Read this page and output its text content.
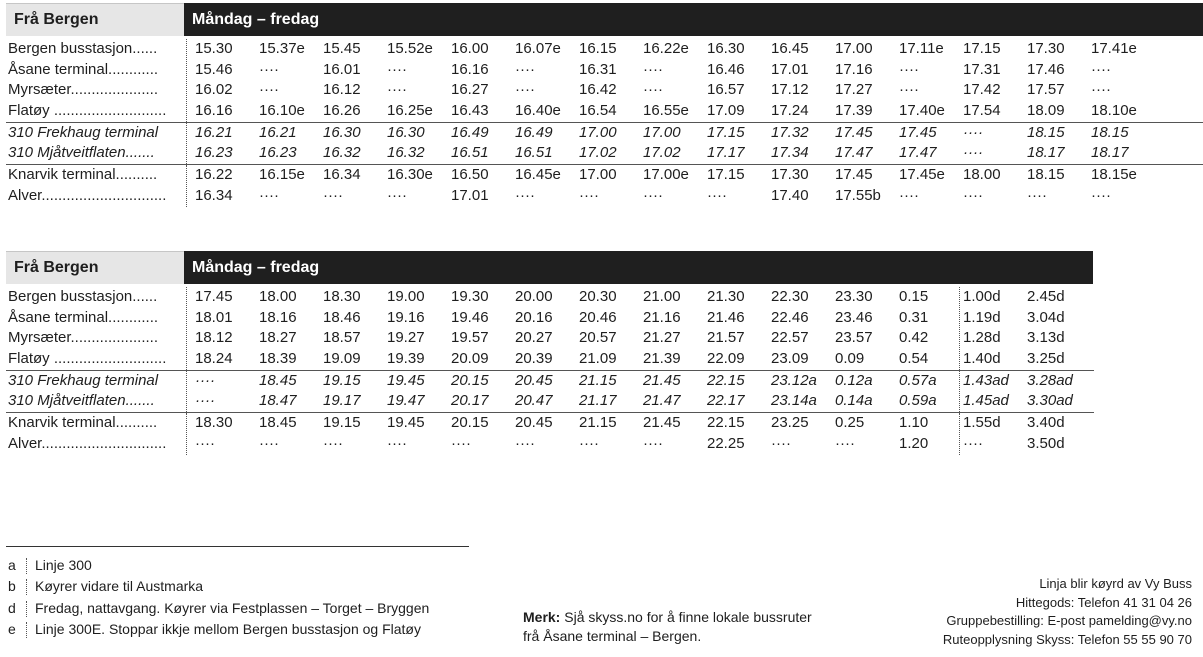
Frå Bergen	Måndag – fredag
Bergen busstasjon......	15.30 15.37e 15.45 15.52e 16.00 16.07e 16.15 16.22e 16.30 16.45 17.00 17.11e 17.15 17.30 17.41e
Åsane terminal............	15.46 ····	16.01 ····	16.16 ····	16.31 ····	16.46 17.01 17.16 ····	17.31 17.46 ····
Myrsæter.....................	16.02 ····	16.12 ····	16.27 ····	16.42 ····	16.57 17.12 17.27 ····	17.42 17.57 ····
Flatøy ...........................	16.16 16.10e 16.26 16.25e 16.43 16.40e 16.54 16.55e 17.09 17.24 17.39 17.40e 17.54 18.09 18.10e
310 Frekhaug terminal	16.21 16.21 16.30 16.30 16.49 16.49 17.00 17.00 17.15 17.32 17.45 17.45 ····	18.15 18.15
310 Mjåtveitflaten.......	16.23 16.23 16.32 16.32 16.51 16.51 17.02 17.02 17.17 17.34 17.47 17.47 ····	18.17 18.17
Knarvik terminal..........	16.22 16.15e 16.34 16.30e 16.50 16.45e 17.00 17.00e 17.15 17.30 17.45 17.45e 18.00 18.15 18.15e
Alver..............................	16.34 ····	····	····	17.01 ····	····	····	····	17.40 17.55b ····	····	····	····
Frå Bergen	Måndag – fredag
Bergen busstasjon......	17.45 18.00 18.30 19.00 19.30 20.00 20.30 21.00 21.30 22.30 23.30 0.15 1.00d 2.45d
Åsane terminal............	18.01 18.16 18.46 19.16 19.46 20.16 20.46 21.16 21.46 22.46 23.46 0.31 1.19d 3.04d
Myrsæter.....................	18.12 18.27 18.57 19.27 19.57 20.27 20.57 21.27 21.57 22.57 23.57 0.42 1.28d 3.13d
Flatøy ...........................	18.24 18.39 19.09 19.39 20.09 20.39 21.09 21.39 22.09 23.09 0.09 0.54 1.40d 3.25d
310 Frekhaug terminal	····	18.45 19.15 19.45 20.15 20.45 21.15 21.45 22.15 23.12a 0.12a 0.57a 1.43ad 3.28ad
310 Mjåtveitflaten.......	····	18.47 19.17 19.47 20.17 20.47 21.17 21.47 22.17 23.14a 0.14a 0.59a 1.45ad 3.30ad
Knarvik terminal..........	18.30 18.45 19.15 19.45 20.15 20.45 21.15 21.45 22.15 23.25 0.25 1.10 1.55d 3.40d
Alver..............................	····	····	····	····	····	····	····	····	22.25 ····	····	1.20 ····	3.50d
a Linje 300
b Køyrer vidare til Austmarka
d Fredag, nattavgang. Køyrer via Festplassen – Torget – Bryggen
e Linje 300E. Stoppar ikkje mellom Bergen busstasjon og Flatøy
Merk: Sjå skyss.no for å finne lokale bussruter
frå Åsane terminal – Bergen.
Linja blir køyrd av Vy Buss
Hittegods: Telefon 41 31 04 26
Gruppebestilling: E-post pamelding@vy.no
Ruteopplysning Skyss: Telefon 55 55 90 70
